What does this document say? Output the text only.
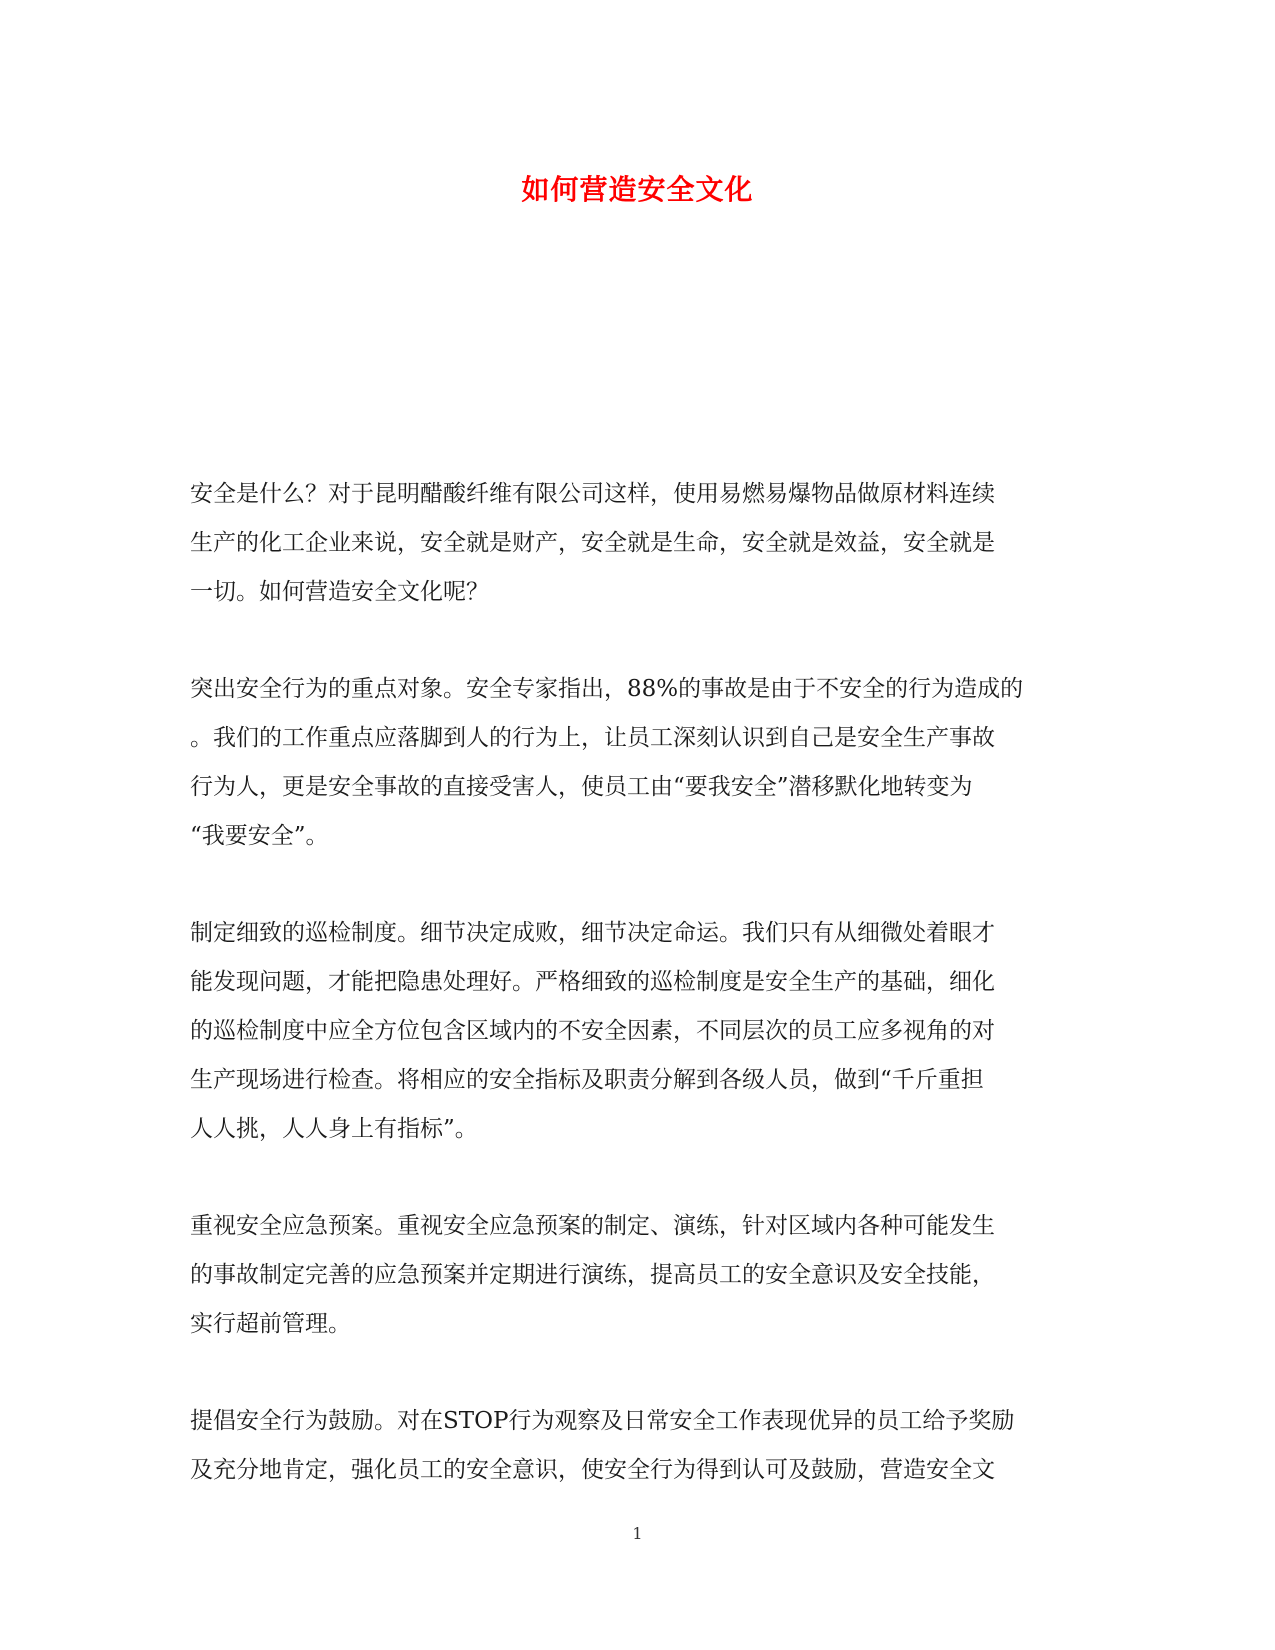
如何营造安全文化

安全是什么？对于昆明醋酸纤维有限公司这样，使用易燃易爆物品做原材料连续
生产的化工企业来说，安全就是财产，安全就是生命，安全就是效益，安全就是
一切。如何营造安全文化呢？

突出安全行为的重点对象。安全专家指出，88%的事故是由于不安全的行为造成的
。我们的工作重点应落脚到人的行为上，让员工深刻认识到自己是安全生产事故
行为人，更是安全事故的直接受害人，使员工由“要我安全”潜移默化地转变为
“我要安全”。

制定细致的巡检制度。细节决定成败，细节决定命运。我们只有从细微处着眼才
能发现问题，才能把隐患处理好。严格细致的巡检制度是安全生产的基础，细化
的巡检制度中应全方位包含区域内的不安全因素，不同层次的员工应多视角的对
生产现场进行检查。将相应的安全指标及职责分解到各级人员，做到“千斤重担
人人挑，人人身上有指标”。

重视安全应急预案。重视安全应急预案的制定、演练，针对区域内各种可能发生
的事故制定完善的应急预案并定期进行演练，提高员工的安全意识及安全技能，
实行超前管理。

提倡安全行为鼓励。对在STOP行为观察及日常安全工作表现优异的员工给予奖励
及充分地肯定，强化员工的安全意识，使安全行为得到认可及鼓励，营造安全文

1
